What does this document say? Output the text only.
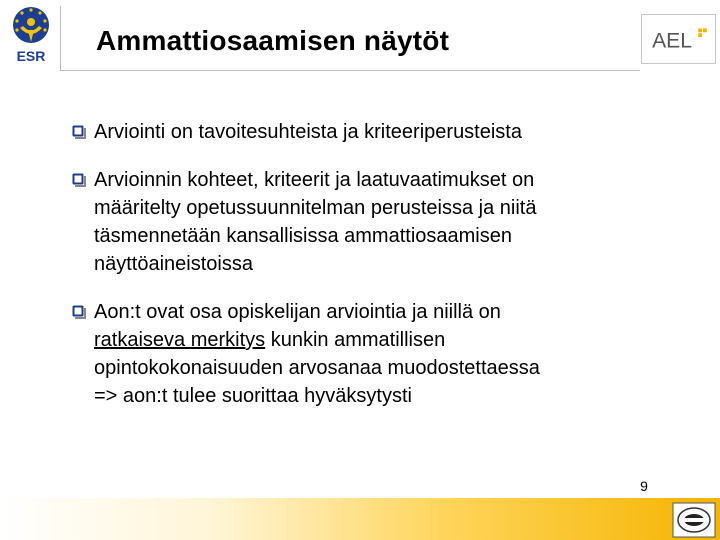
ESR Ammattiosaamisen näytöt	AEL

Arviointi on tavoitesuhteista ja kriteeriperusteista

Arvioinnin kohteet, kriteerit ja laatuvaatimukset on

määritelty opetussuunnitelman perusteissa ja niitä

täsmennetään kansallisissa ammattiosaamisen

näyttöaineistoissa

Aon:t ovat osa opiskelijan arviointia ja niillä on

ratkaiseva merkitys kunkin ammatillisen

opintokokonaisuuden arvosanaa muodostettaessa

=> aon:t tulee suorittaa hyväksytysti

9
